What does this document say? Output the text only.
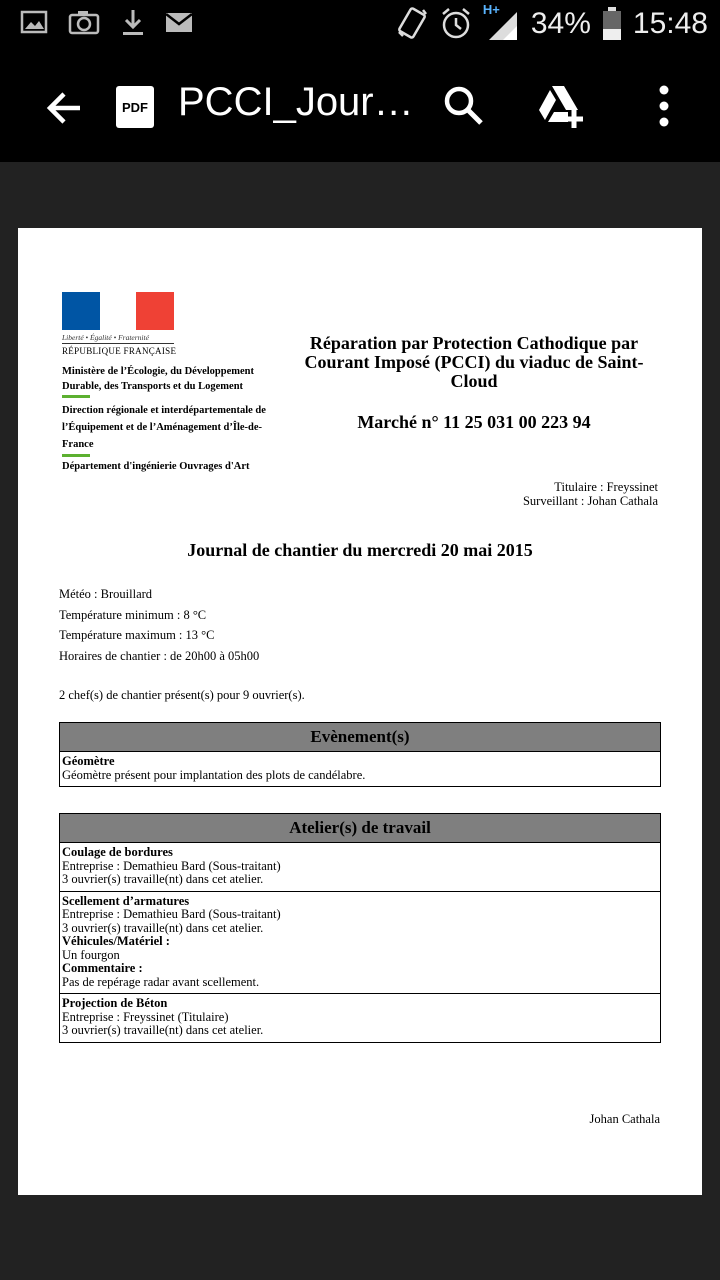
H+ 34% 15:48
PDF PCCI_Jour…
Liberté • Égalité • Fraternité
RÉPUBLIQUE FRANÇAISE
Ministère de l’Écologie, du Développement
Durable, des Transports et du Logement
Direction régionale et interdépartementale de
l’Équipement et de l’Aménagement d’Île-de-
France
Département d'ingénierie Ouvrages d'Art
Réparation par Protection Cathodique par
Courant Imposé (PCCI) du viaduc de Saint-
Cloud
Marché n° 11 25 031 00 223 94
Titulaire : Freyssinet
Surveillant : Johan Cathala
Journal de chantier du mercredi 20 mai 2015
Météo : Brouillard
Température minimum : 8 °C
Température maximum : 13 °C
Horaires de chantier : de 20h00 à 05h00
2 chef(s) de chantier présent(s) pour 9 ouvrier(s).
Evènement(s)

Géomètre
Géomètre présent pour implantation des plots de candélabre.
Atelier(s) de travail

Coulage de bordures
Entreprise : Demathieu Bard (Sous-traitant)
3 ouvrier(s) travaille(nt) dans cet atelier.

Scellement d’armatures
Entreprise : Demathieu Bard (Sous-traitant)
3 ouvrier(s) travaille(nt) dans cet atelier.
Véhicules/Matériel :
Un fourgon
Commentaire :
Pas de repérage radar avant scellement.

Projection de Béton
Entreprise : Freyssinet (Titulaire)
3 ouvrier(s) travaille(nt) dans cet atelier.
Johan Cathala
